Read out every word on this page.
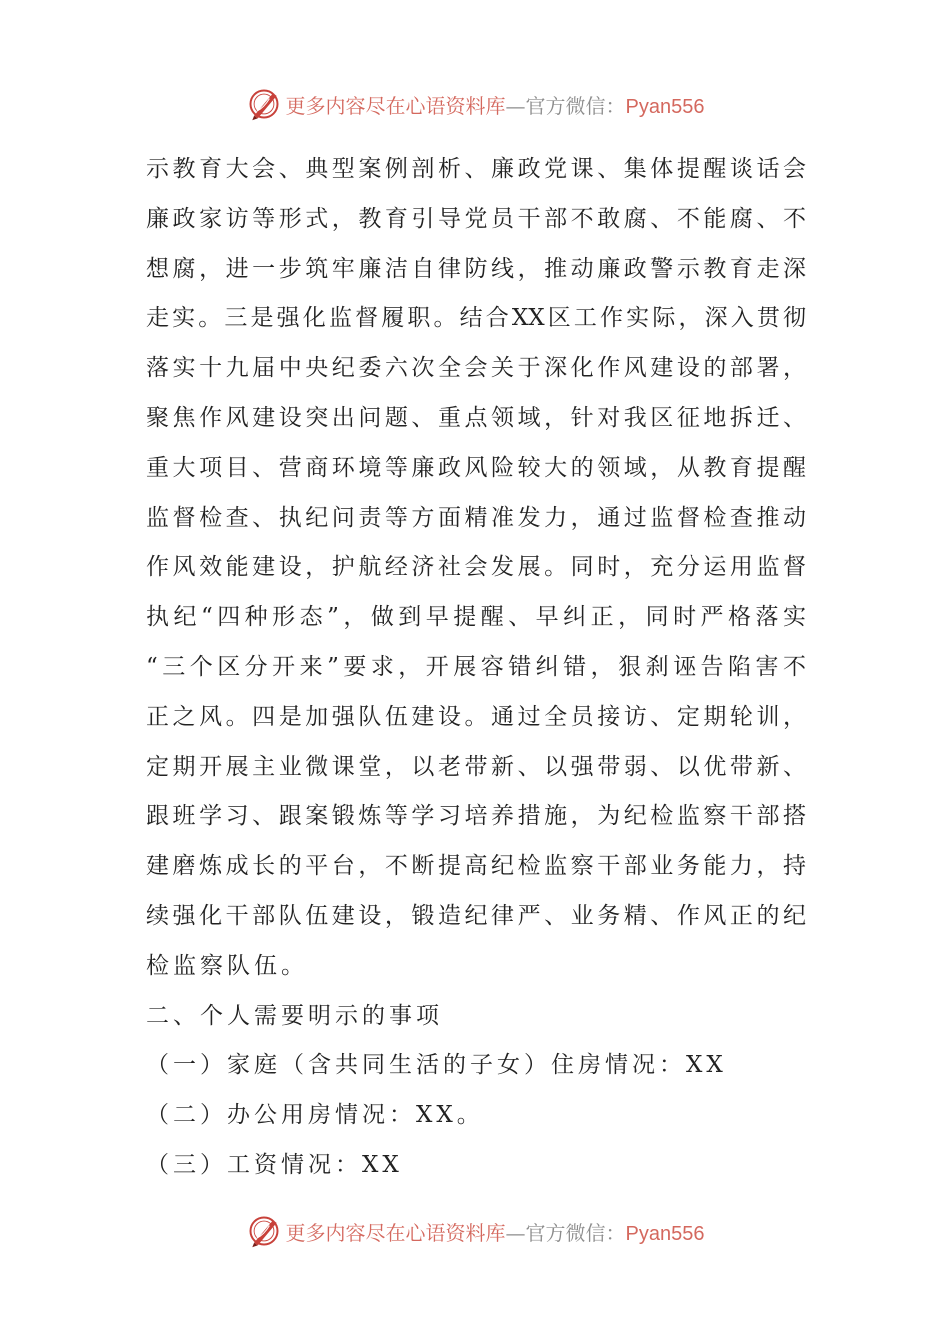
更多内容尽在心语资料库 — 官方微信： Pyan556
示教育大会、典型案例剖析、廉政党课、集体提醒谈话会
廉政家访等形式，教育引导党员干部不敢腐、不能腐、不
想腐，进一步筑牢廉洁自律防线，推动廉政警示教育走深
走实。三是强化监督履职。结合XX区工作实际，深入贯彻
落实十九届中央纪委六次全会关于深化作风建设的部署，
聚焦作风建设突出问题、重点领域，针对我区征地拆迁、
重大项目、营商环境等廉政风险较大的领域，从教育提醒
监督检查、执纪问责等方面精准发力，通过监督检查推动
作风效能建设，护航经济社会发展。同时，充分运用监督
执纪“四种形态”，做到早提醒、早纠正，同时严格落实
“三个区分开来”要求，开展容错纠错，狠刹诬告陷害不
正之风。四是加强队伍建设。通过全员接访、定期轮训，
定期开展主业微课堂，以老带新、以强带弱、以优带新、
跟班学习、跟案锻炼等学习培养措施，为纪检监察干部搭
建磨炼成长的平台，不断提高纪检监察干部业务能力，持
续强化干部队伍建设，锻造纪律严、业务精、作风正的纪
检监察队伍。
二、个人需要明示的事项
（一）家庭（含共同生活的子女）住房情况：XX
（二）办公用房情况：XX。
（三）工资情况：XX
更多内容尽在心语资料库 — 官方微信： Pyan556
